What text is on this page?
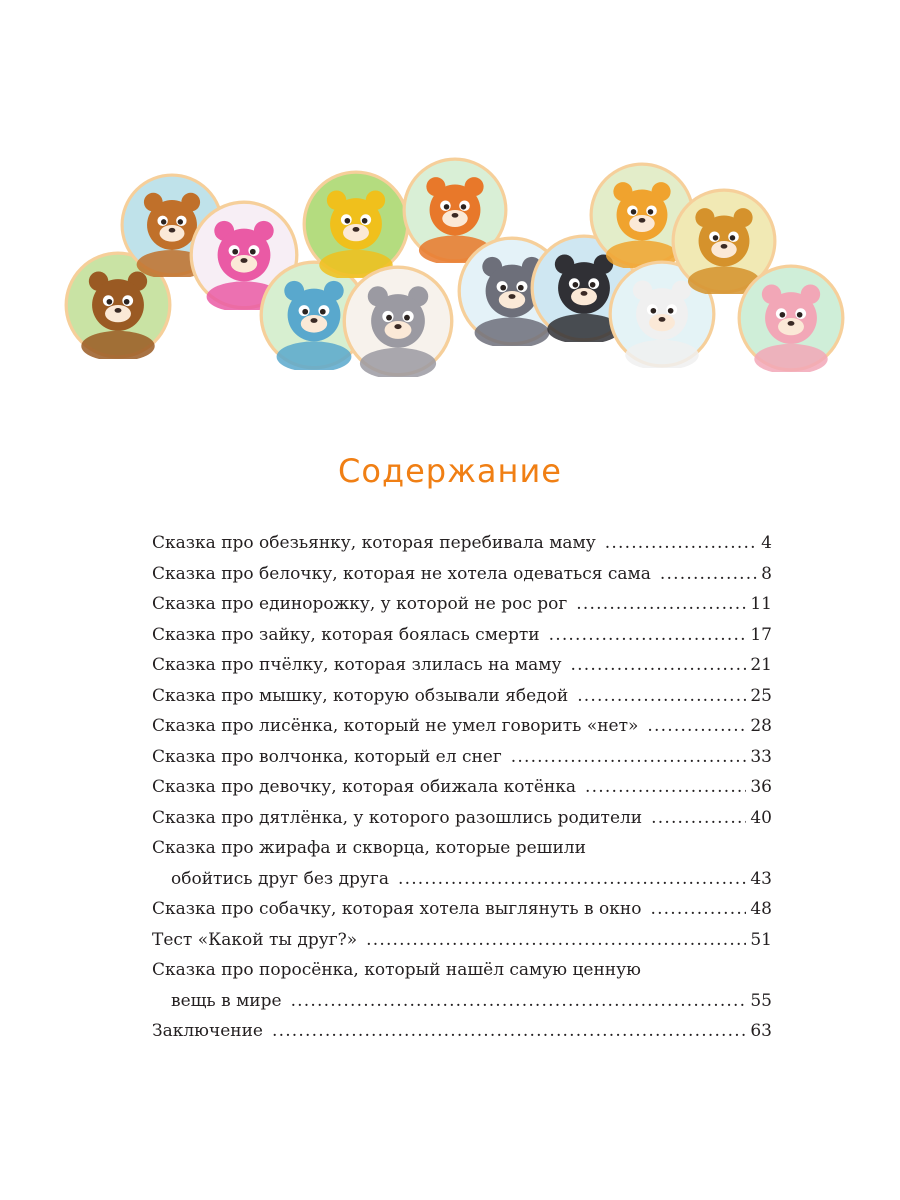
Содержание
Сказка про обезьянку, которая перебивала маму .....	4
Сказка про белочку, которая не хотела одеваться сама .....	8
Сказка про единорожку, у которой не рос рог .....	11
Сказка про зайку, которая боялась смерти .....	17
Сказка про пчёлку, которая злилась на маму .....	21
Сказка про мышку, которую обзывали ябедой .....	25
Сказка про лисёнка, который не умел говорить «нет» .....	28
Сказка про волчонка, который ел снег .....	33
Сказка про девочку, которая обижала котёнка .....	36
Сказка про дятлёнка, у которого разошлись родители .....	40
Сказка про жирафа и скворца, которые решили
обойтись друг без друга .....	43
Сказка про собачку, которая хотела выглянуть в окно .....	48
Тест «Какой ты друг?» .....	51
Сказка про поросёнка, который нашёл самую ценную
вещь в мире .....	55
Заключение .....	63
